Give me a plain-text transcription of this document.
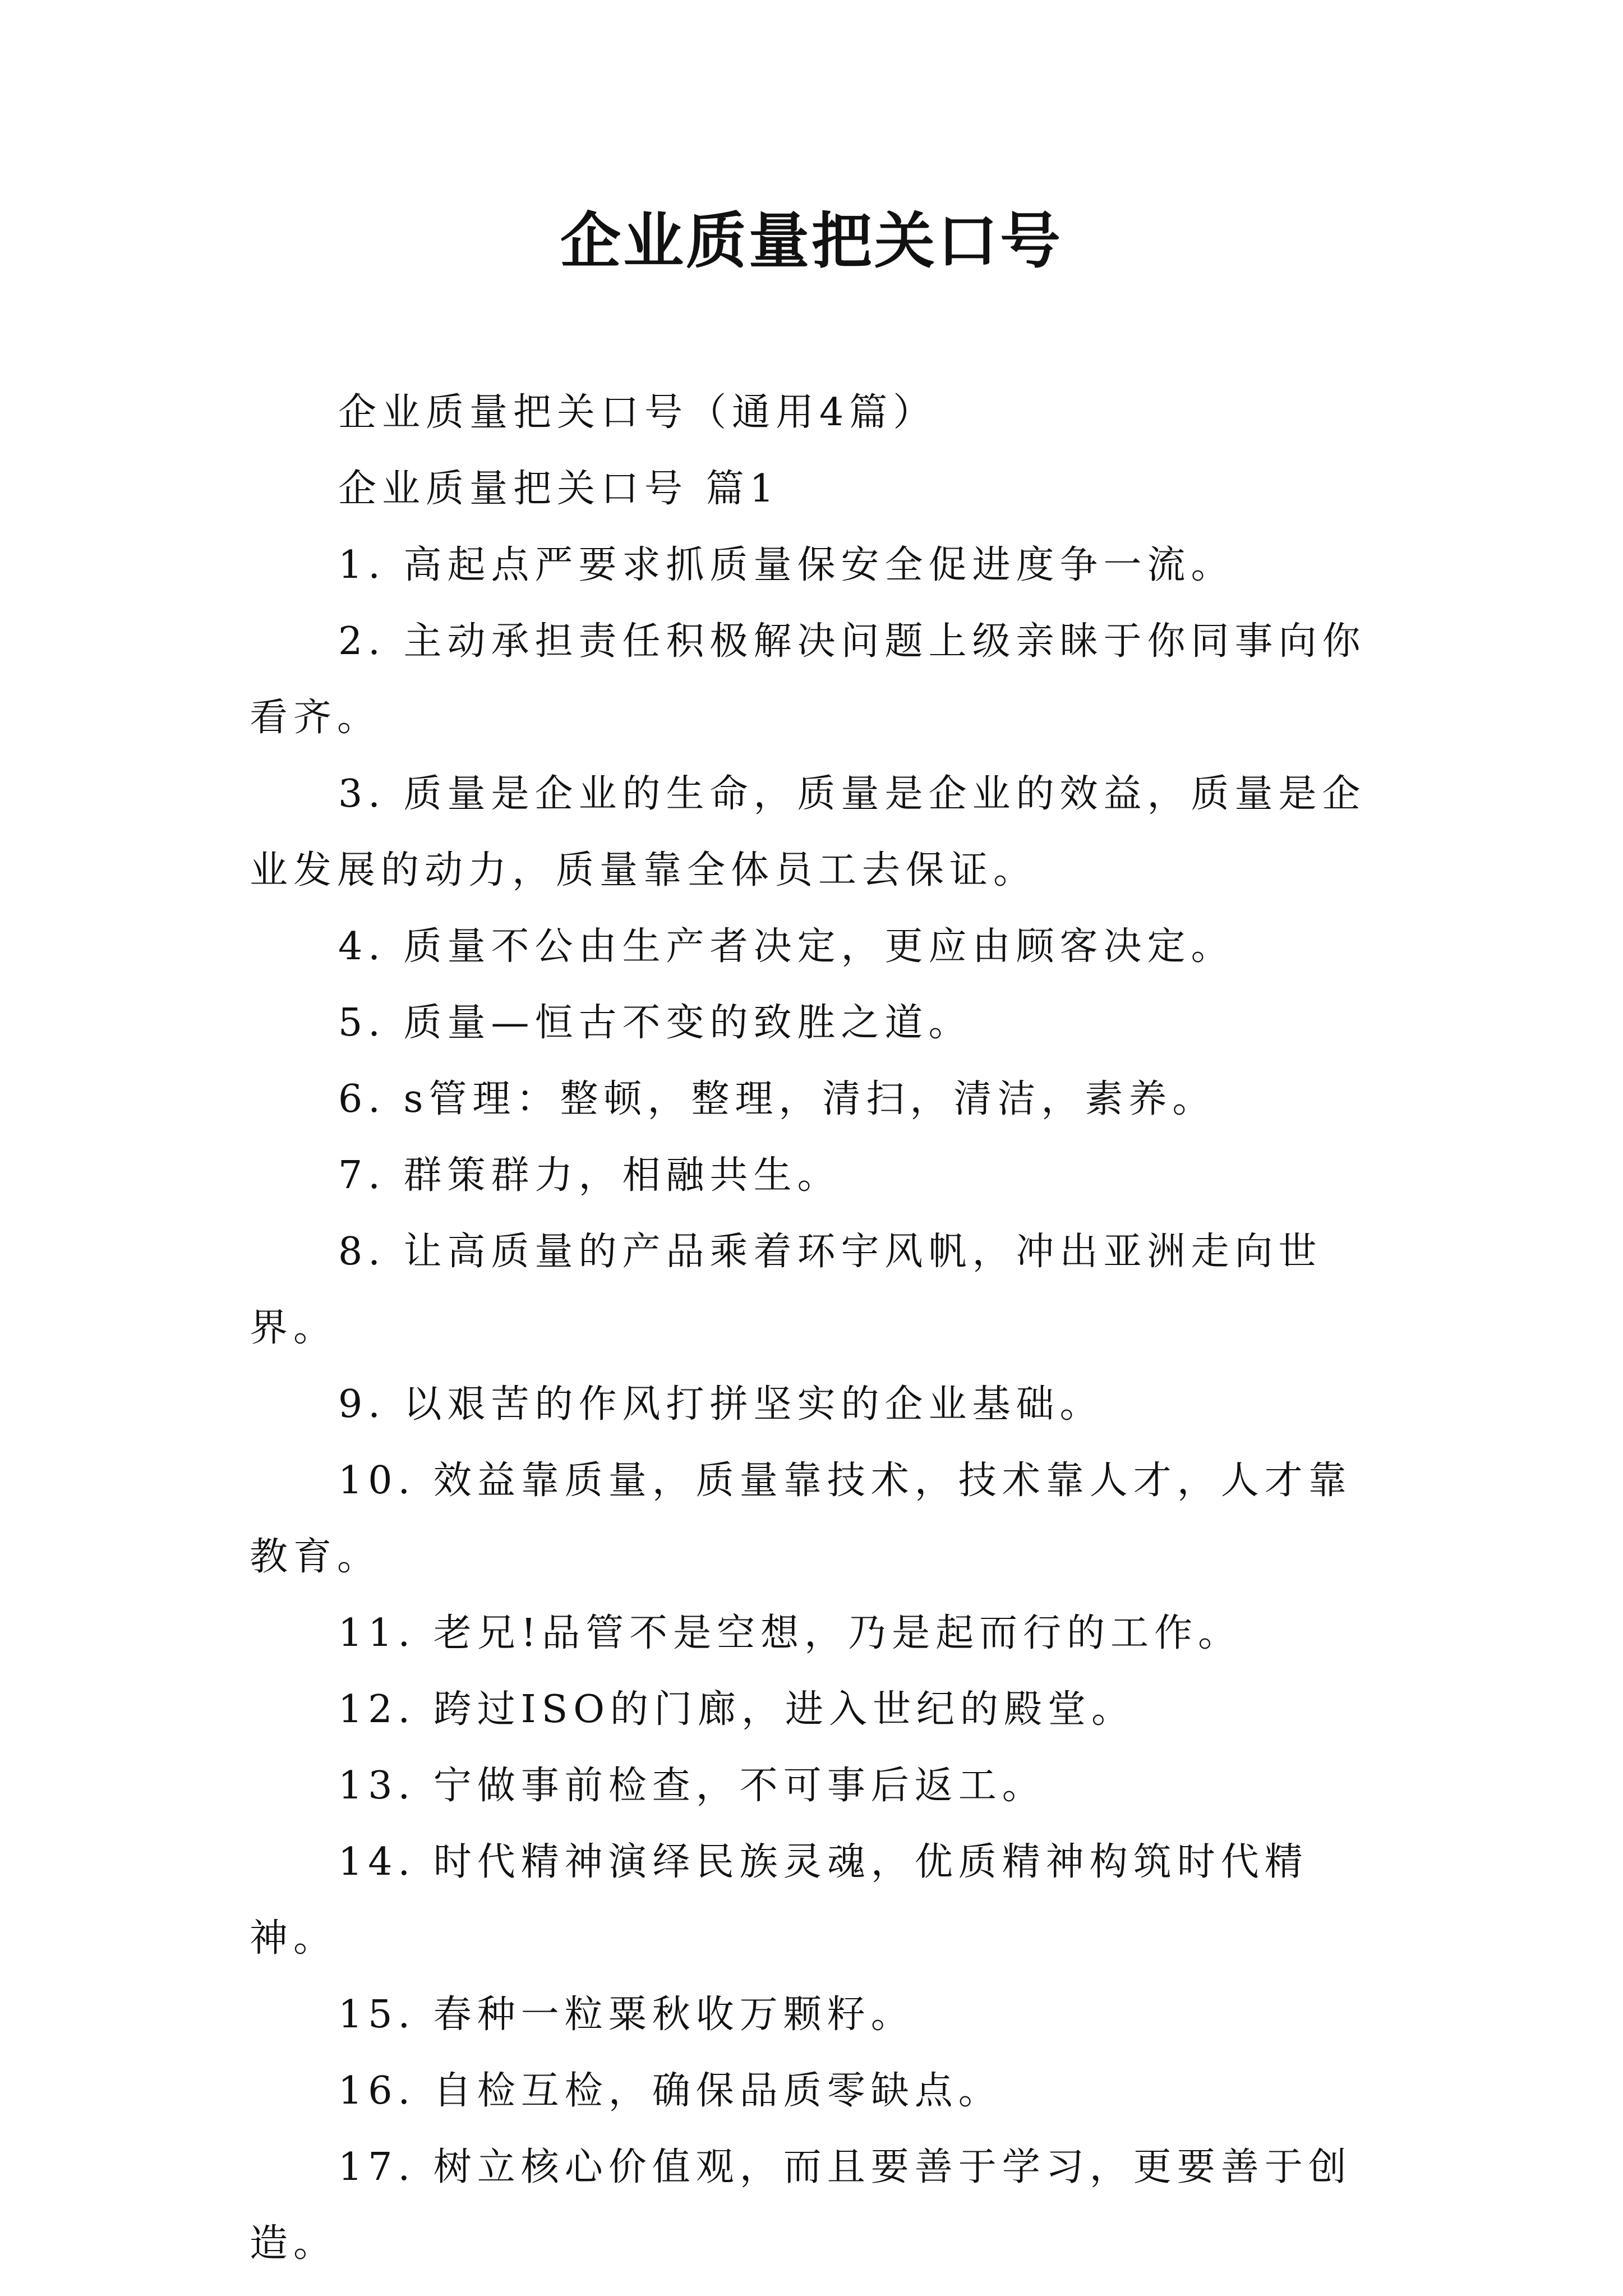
企业质量把关口号

企业质量把关口号（通用4篇）

企业质量把关口号 篇1

1. 高起点严要求抓质量保安全促进度争一流。

2. 主动承担责任积极解决问题上级亲睐于你同事向你看齐。

3. 质量是企业的生命，质量是企业的效益，质量是企业发展的动力，质量靠全体员工去保证。

4. 质量不公由生产者决定，更应由顾客决定。

5. 质量—恒古不变的致胜之道。

6. s管理：整顿，整理，清扫，清洁，素养。

7. 群策群力，相融共生。

8. 让高质量的产品乘着环宇风帆，冲出亚洲走向世界。

9. 以艰苦的作风打拼坚实的企业基础。

10. 效益靠质量，质量靠技术，技术靠人才，人才靠教育。

11. 老兄!品管不是空想，乃是起而行的工作。

12. 跨过ISO的门廊，进入世纪的殿堂。

13. 宁做事前检查，不可事后返工。

14. 时代精神演绎民族灵魂，优质精神构筑时代精神。

15. 春种一粒粟秋收万颗籽。

16. 自检互检，确保品质零缺点。

17. 树立核心价值观，而且要善于学习，更要善于创造。
